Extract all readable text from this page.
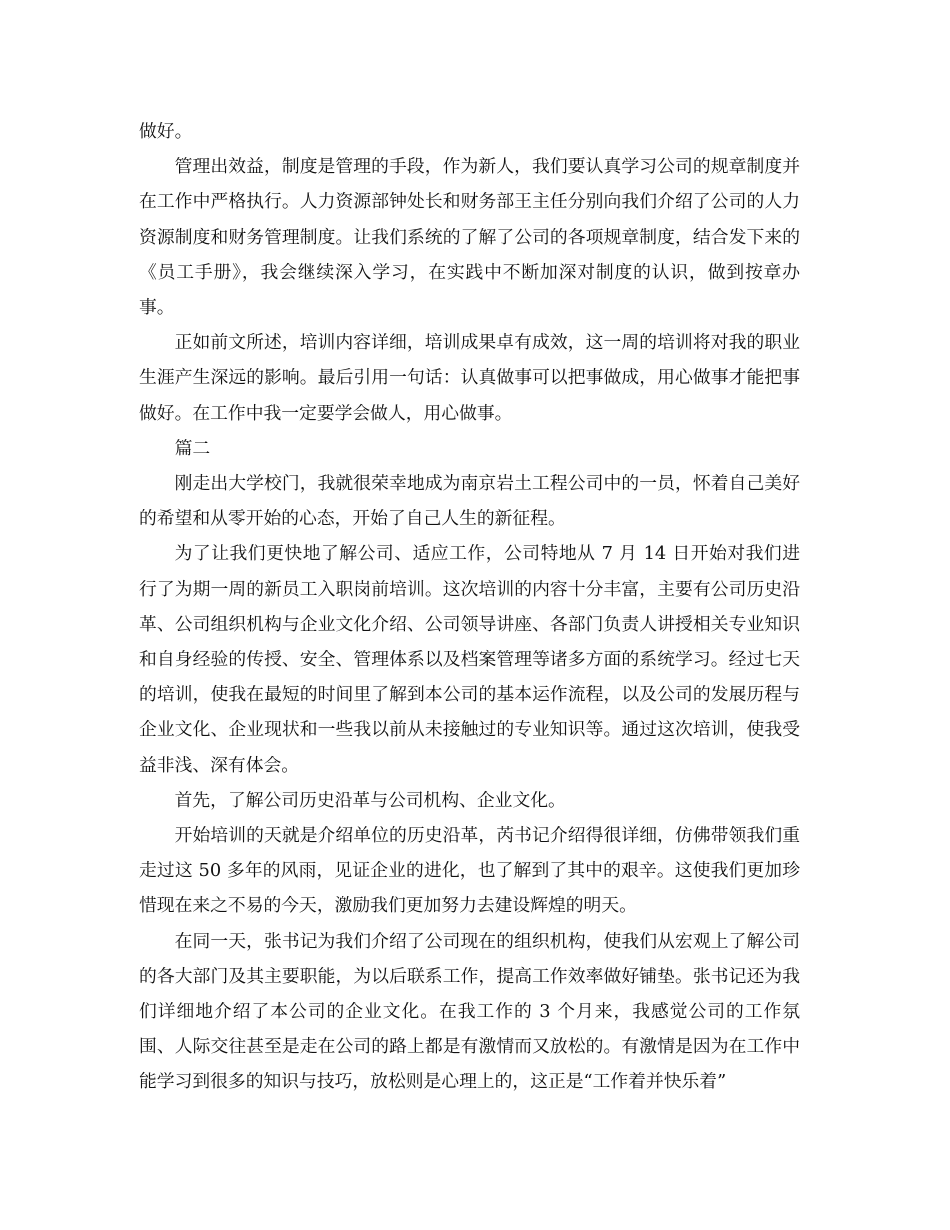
做好。

管理出效益，制度是管理的手段，作为新人，我们要认真学习公司的规章制度并在工作中严格执行。人力资源部钟处长和财务部王主任分别向我们介绍了公司的人力资源制度和财务管理制度。让我们系统的了解了公司的各项规章制度，结合发下来的《员工手册》，我会继续深入学习，在实践中不断加深对制度的认识，做到按章办事。

正如前文所述，培训内容详细，培训成果卓有成效，这一周的培训将对我的职业生涯产生深远的影响。最后引用一句话：认真做事可以把事做成，用心做事才能把事做好。在工作中我一定要学会做人，用心做事。

篇二

刚走出大学校门，我就很荣幸地成为南京岩土工程公司中的一员，怀着自己美好的希望和从零开始的心态，开始了自己人生的新征程。

为了让我们更快地了解公司、适应工作，公司特地从 7 月 14 日开始对我们进行了为期一周的新员工入职岗前培训。这次培训的内容十分丰富，主要有公司历史沿革、公司组织机构与企业文化介绍、公司领导讲座、各部门负责人讲授相关专业知识和自身经验的传授、安全、管理体系以及档案管理等诸多方面的系统学习。经过七天的培训，使我在最短的时间里了解到本公司的基本运作流程，以及公司的发展历程与企业文化、企业现状和一些我以前从未接触过的专业知识等。通过这次培训，使我受益非浅、深有体会。

首先，了解公司历史沿革与公司机构、企业文化。

开始培训的天就是介绍单位的历史沿革，芮书记介绍得很详细，仿佛带领我们重走过这 50 多年的风雨，见证企业的进化，也了解到了其中的艰辛。这使我们更加珍惜现在来之不易的今天，激励我们更加努力去建设辉煌的明天。

在同一天，张书记为我们介绍了公司现在的组织机构，使我们从宏观上了解公司的各大部门及其主要职能，为以后联系工作，提高工作效率做好铺垫。张书记还为我们详细地介绍了本公司的企业文化。在我工作的 3 个月来，我感觉公司的工作氛围、人际交往甚至是走在公司的路上都是有激情而又放松的。有激情是因为在工作中能学习到很多的知识与技巧，放松则是心理上的，这正是“工作着并快乐着”
